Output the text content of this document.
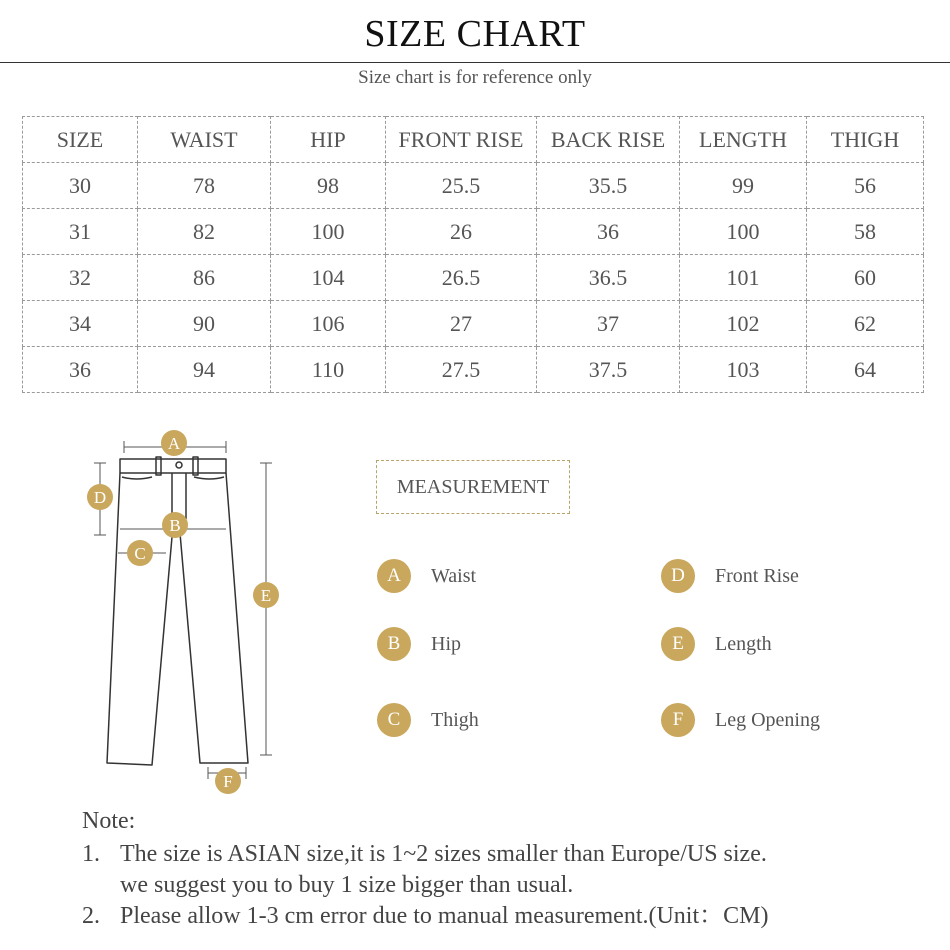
SIZE CHART
Size chart is for reference only
SIZE	WAIST	HIP	FRONT RISE	BACK RISE	LENGTH	THIGH
30	78	98	25.5	35.5	99	56
31	82	100	26	36	100	58
32	86	104	26.5	36.5	101	60
34	90	106	27	37	102	62
36	94	110	27.5	37.5	103	64
A
B
C
D
E
F
MEASUREMENT
A	Waist
B	Hip
C	Thigh
D	Front Rise
E	Length
F	Leg Opening
Note:
1. The size is ASIAN size,it is 1~2 sizes smaller than Europe/US size.
we suggest you to buy 1 size bigger than usual.
2. Please allow 1-3 cm error due to manual measurement.(Unit：CM)
